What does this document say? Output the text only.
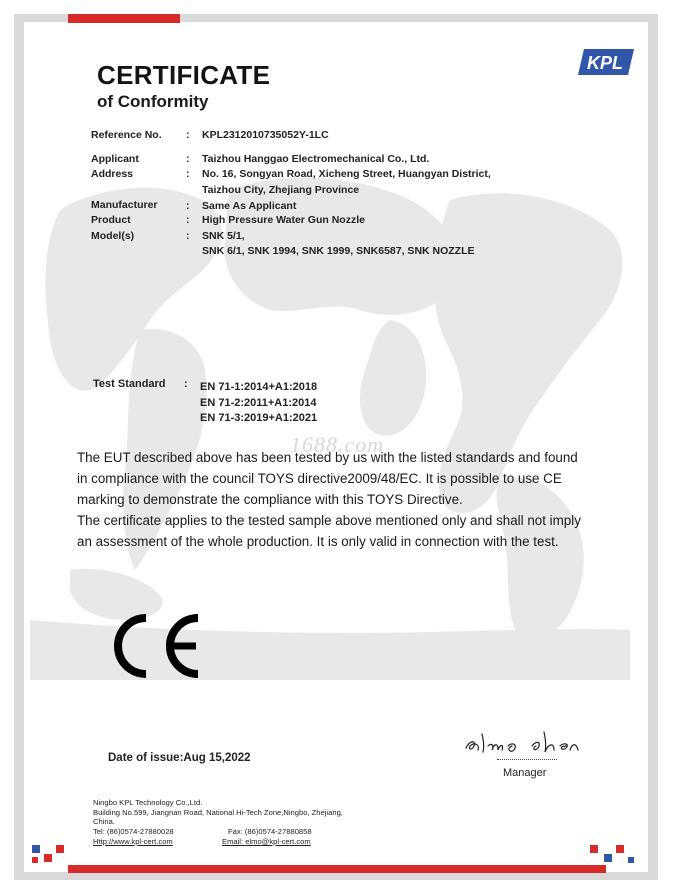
KPL
CERTIFICATE
of Conformity
Reference No. : KPL2312010735052Y-1LC
Applicant	: Taizhou Hanggao Electromechanical Co., Ltd.
Address	: No. 16, Songyan Road, Xicheng Street, Huangyan District,
Taizhou City, Zhejiang Province
Manufacturer	: Same As Applicant
Product	: High Pressure Water Gun Nozzle
Model(s)	: SNK 5/1,
SNK 6/1, SNK 1994, SNK 1999, SNK6587, SNK NOZZLE
Test Standard : EN 71-1:2014+A1:2018
EN 71-2:2011+A1:2014
EN 71-3:2019+A1:2021
1688.com
The EUT described above has been tested by us with the listed standards and found
in compliance with the council TOYS directive2009/48/EC. It is possible to use CE
marking to demonstrate the compliance with this TOYS Directive.
The certificate applies to the tested sample above mentioned only and shall not imply
an assessment of the whole production. It is only valid in connection with the test.
Date of issue:Aug 15,2022
Manager
Ningbo KPL Technology Co.,Ltd.
Building No.599, Jiangnan Road, National Hi-Tech Zone,Ningbo, Zhejiang,
China.
Tel: (86)0574-27880028	Fax: (86)0574-27880858
Http://www.kpl-cert.com	Email: elmo@kpl-cert.com
